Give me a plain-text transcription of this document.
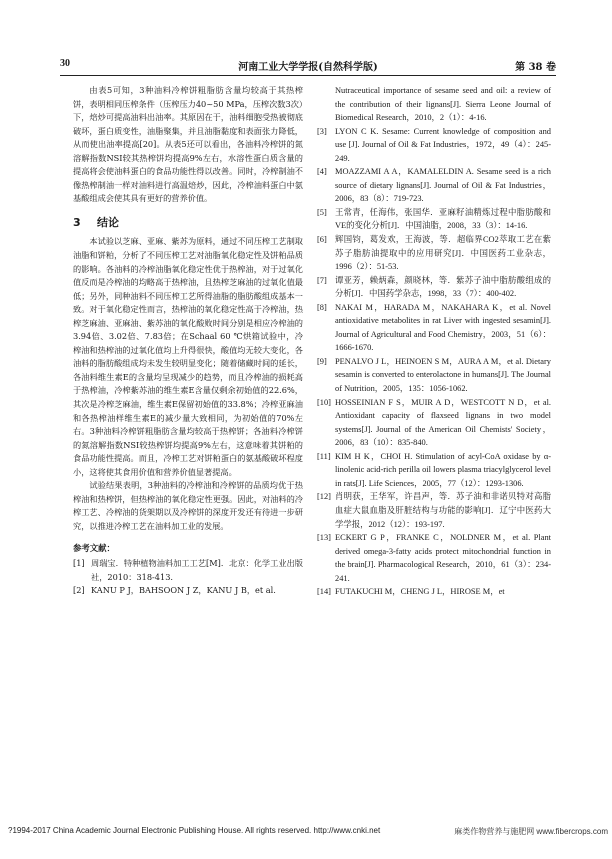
30	河南工业大学学报(自然科学版)	第 38 卷

由表5可知，3种油料冷榨饼粗脂肪含量均较高于其热榨饼，表明相同压榨条件（压榨压力40~50 MPa，压榨次数3次）下，焙炒可提高油料出油率。其原因在于，油料细胞受热被彻底破坏，蛋白质变性，油脂聚集，并且油脂黏度和表面张力降低，从而使出油率提高[20]。从表5还可以看出，各油料冷榨饼的氮溶解指数NSI较其热榨饼均提高9%左右，水溶性蛋白质含量的提高将会使油料蛋白的食品功能性得以改善。同时，冷榨制油不像热榨制油一样对油料进行高温焙炒，因此，冷榨油料蛋白中氨基酸组成会使其具有更好的营养价值。

3 结论

本试验以芝麻、亚麻、紫苏为原料，通过不同压榨工艺制取油脂和饼粕，分析了不同压榨工艺对油脂氧化稳定性及饼粕品质的影响。各油料的冷榨油脂氧化稳定性优于热榨油，对于过氧化值反而是冷榨油的均略高于热榨油，且热榨芝麻油的过氧化值最低；另外，同种油料不同压榨工艺所得油脂的脂肪酸组成基本一致。对于氧化稳定性而言，热榨油的氧化稳定性高于冷榨油，热榨芝麻油、亚麻油、紫苏油的氧化酸败时间分别是相应冷榨油的3.94倍、3.02倍、7.83倍；在Schaal 60 ℃烘箱试验中，冷榨油和热榨油的过氧化值均上升得很快，酸值均无较大变化，各油料的脂肪酸组成均未发生较明显变化；随着储藏时间的延长，各油料维生素E的含量均呈现减少的趋势，而且冷榨油的损耗高于热榨油，冷榨紫苏油的维生素E含量仅剩余初始值的22.6%，其次是冷榨芝麻油，维生素E保留初始值的33.8%；冷榨亚麻油和各热榨油样维生素E的减少量大致相同，为初始值的70%左右。3种油料冷榨饼粗脂肪含量均较高于热榨饼；各油料冷榨饼的氮溶解指数NSI较热榨饼均提高9%左右，这意味着其饼粕的食品功能性提高。而且，冷榨工艺对饼粕蛋白的氨基酸破坏程度小，这将使其食用价值和营养价值显著提高。

试验结果表明，3种油料的冷榨油和冷榨饼的品质均优于热榨油和热榨饼，但热榨油的氧化稳定性更强。因此，对油料的冷榨工艺、冷榨油的货架期以及冷榨饼的深度开发还有待进一步研究，以推进冷榨工艺在油料加工业的发展。

参考文献：
[1] 周瑞宝．特种植物油料加工工艺[M]．北京：化学工业出版社，2010：318-413.
[2] KANU P J，BAHSOON J Z，KANU J B，et al.
Nutraceutical importance of sesame seed and oil: a review of the contribution of their lignans[J]. Sierra Leone Journal of Biomedical Research，2010，2（1）：4-16.
[3] LYON C K. Sesame: Current knowledge of composition and use [J]. Journal of Oil & Fat Industries，1972，49（4）：245-249.
[4] MOAZZAMI A A，KAMALELDIN A. Sesame seed is a rich source of dietary lignans[J]. Journal of Oil & Fat Industries，2006，83（8）：719-723.
[5] 王常青，任海伟，张国华．亚麻籽油精炼过程中脂肪酸和VE的变化分析[J]．中国油脂，2008，33（3）：14-16.
[6] 辉国钧，葛发欢，王海波，等．超临界CO2萃取工艺在紫苏子脂肪油提取中的应用研究[J]．中国医药工业杂志，1996（2）：51-53.
[7] 谭亚芳，赖炳森，颜晓林，等．紫苏子油中脂肪酸组成的分析[J]．中国药学杂志，1998，33（7）：400-402.
[8] NAKAI M，HARADA M，NAKAHARA K，et al. Novel antioxidative metabolites in rat Liver with ingested sesamin[J]. Journal of Agricultural and Food Chemistry，2003，51（6）：1666-1670.
[9] PENALVO J L，HEINOEN S M，AURA A M，et al. Dietary sesamin is converted to enterolactone in humans[J]. The Journal of Nutrition，2005，135：1056-1062.
[10] HOSSEINIAN F S，MUIR A D，WESTCOTT N D，et al. Antioxidant capacity of flaxseed lignans in two model systems[J]. Journal of the American Oil Chemists' Society，2006，83（10）：835-840.
[11] KIM H K，CHOI H. Stimulation of acyl-CoA oxidase by α-linolenic acid-rich perilla oil lowers plasma triacylglycerol level in rats[J]. Life Sciences，2005，77（12）：1293-1306.
[12] 肖明获，王华军，许昌声，等．苏子油和非诺贝特对高脂血症大鼠血脂及肝脏结构与功能的影响[J]．辽宁中医药大学学报，2012（12）：193-197.
[13] ECKERT G P，FRANKE C，NOLDNER M，et al. Plant derived omega-3-fatty acids protect mitochondrial function in the brain[J]. Pharmacological Research，2010，61（3）：234-241.
[14] FUTAKUCHI M，CHENG J L，HIROSE M，et
?1994-2017 China Academic Journal Electronic Publishing House. All rights reserved. http://www.cnki.net	麻类作物营养与施肥网 www.fibercrops.com
